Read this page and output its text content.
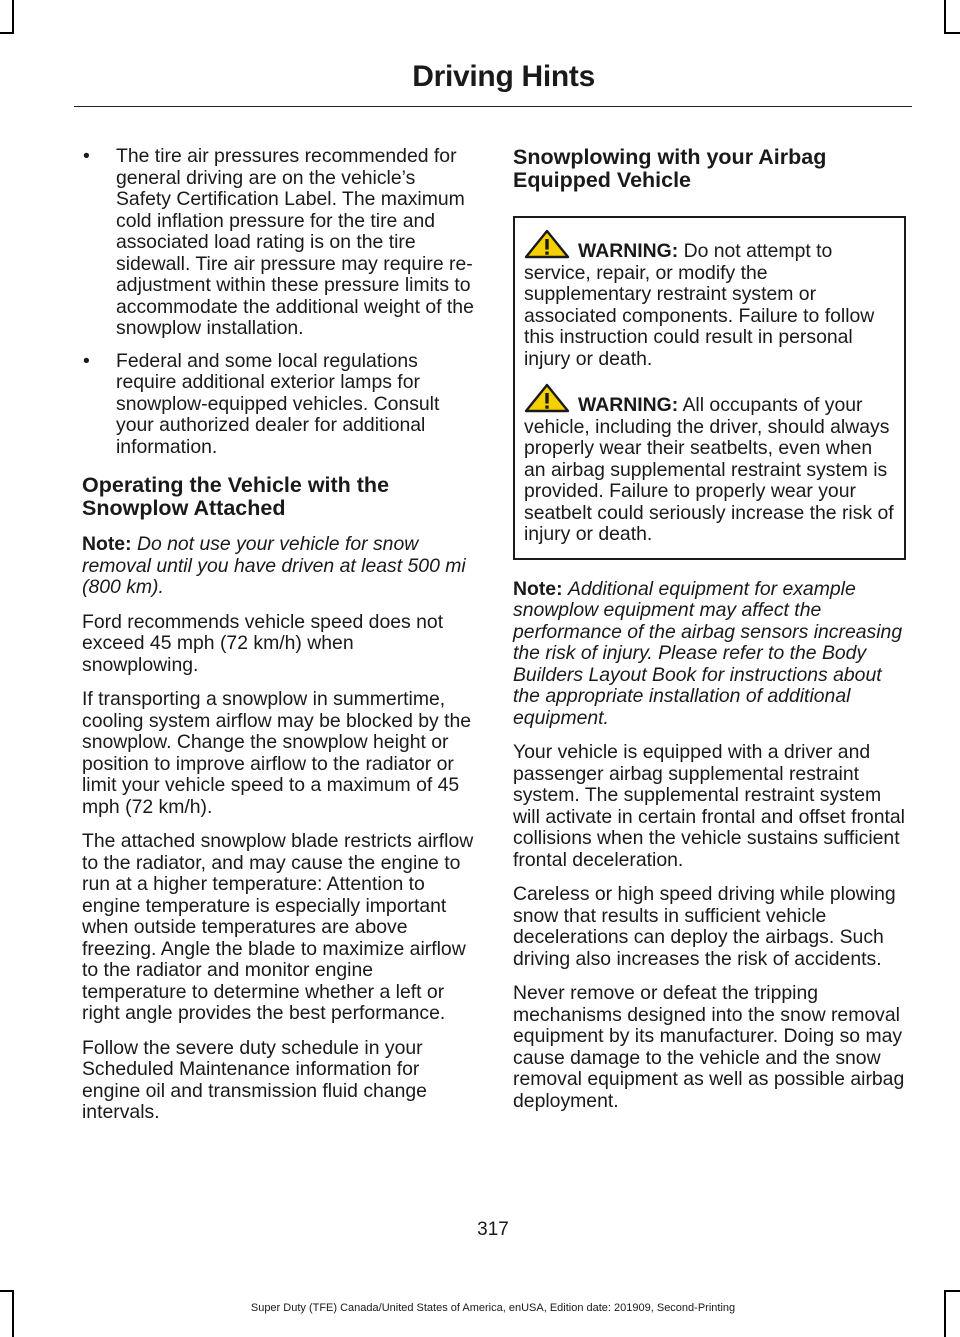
Driving Hints
• The tire air pressures recommended for general driving are on the vehicle’s Safety Certification Label. The maximum cold inflation pressure for the tire and associated load rating is on the tire sidewall. Tire air pressure may require re-adjustment within these pressure limits to accommodate the additional weight of the snowplow installation.
• Federal and some local regulations require additional exterior lamps for snowplow-equipped vehicles. Consult your authorized dealer for additional information.
Operating the Vehicle with the Snowplow Attached

Note: Do not use your vehicle for snow removal until you have driven at least 500 mi (800 km).

Ford recommends vehicle speed does not exceed 45 mph (72 km/h) when snowplowing.

If transporting a snowplow in summertime, cooling system airflow may be blocked by the snowplow. Change the snowplow height or position to improve airflow to the radiator or limit your vehicle speed to a maximum of 45 mph (72 km/h).

The attached snowplow blade restricts airflow to the radiator, and may cause the engine to run at a higher temperature: Attention to engine temperature is especially important when outside temperatures are above freezing. Angle the blade to maximize airflow to the radiator and monitor engine temperature to determine whether a left or right angle provides the best performance.

Follow the severe duty schedule in your Scheduled Maintenance information for engine oil and transmission fluid change intervals.

Snowplowing with your Airbag Equipped Vehicle

WARNING: Do not attempt to service, repair, or modify the supplementary restraint system or associated components. Failure to follow this instruction could result in personal injury or death.

WARNING: All occupants of your vehicle, including the driver, should always properly wear their seatbelts, even when an airbag supplemental restraint system is provided. Failure to properly wear your seatbelt could seriously increase the risk of injury or death.

Note: Additional equipment for example snowplow equipment may affect the performance of the airbag sensors increasing the risk of injury. Please refer to the Body Builders Layout Book for instructions about the appropriate installation of additional equipment.

Your vehicle is equipped with a driver and passenger airbag supplemental restraint system. The supplemental restraint system will activate in certain frontal and offset frontal collisions when the vehicle sustains sufficient frontal deceleration.

Careless or high speed driving while plowing snow that results in sufficient vehicle decelerations can deploy the airbags. Such driving also increases the risk of accidents.

Never remove or defeat the tripping mechanisms designed into the snow removal equipment by its manufacturer. Doing so may cause damage to the vehicle and the snow removal equipment as well as possible airbag deployment.

317
Super Duty (TFE) Canada/United States of America, enUSA, Edition date: 201909, Second-Printing
